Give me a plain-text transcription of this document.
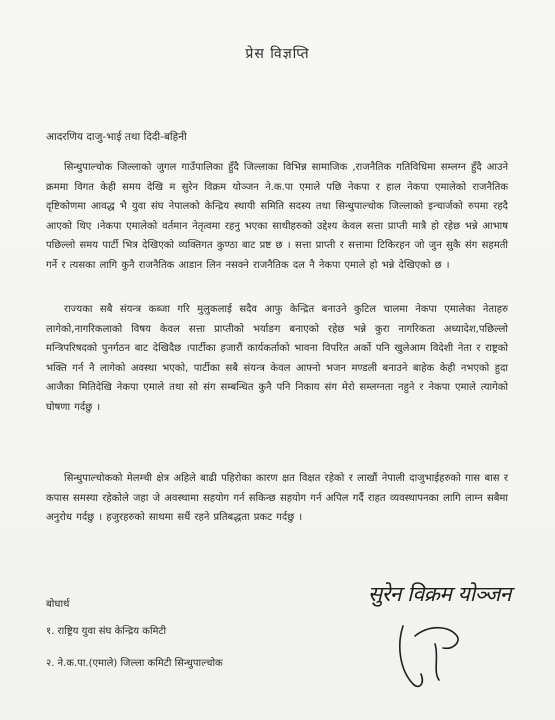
प्रेस विज्ञप्ति
आदरणिय दाजु-भाई तथा दिदी-बहिनी
सिन्धुपाल्चोक जिल्लाको जुगल गाउँपालिका हुँदै जिल्लाका विभिन्न सामाजिक ,राजनैतिक गतिविधिमा सम्लग्न हुँदै आउने क्रममा विगत केही समय देखि म सुरेन विक्रम योञ्जन ने.क.पा एमाले पछि नेकपा र हाल नेकपा एमालेको राजनैतिक दृष्टिकोणमा आवद्ध भै युवा संघ नेपालको केन्द्रिय स्थायी समिति सदस्य तथा सिन्धुपाल्चोक जिल्लाको इन्चार्जको रुपमा रहदै आएको थिए ।नेकपा एमालेको वर्तमान नेतृत्वमा रहनु भएका साथीहरुको उद्देश्य केवल सत्ता प्राप्ती मात्रै हो रहेछ भन्ने आभाष पछिल्लो समय पार्टी भित्र देखिएको व्यक्तिगत कुण्ठा बाट प्रष्ट छ । सत्ता प्राप्ती र सत्तामा टिकिरहन जो जुन सुकै संग सहमती गर्ने र त्यसका लागि कुनै राजनैतिक आडान लिन नसक्ने राजनैतिक दल नै नेकपा एमाले हो भन्ने देखिएको छ ।
राज्यका सबै संयन्त्र कब्जा गरि मुलुकलाई सदैव आफु केन्द्रित बनाउने कुटिल चालमा नेकपा एमालेका नेताहरु लागेको,नागरिकलाको विषय केवल सत्ता प्राप्तीको भर्याङग बनाएको रहेछ भन्ने कुरा नागरिकता अध्यादेश,पछिल्लो मन्त्रिपरिषदको पुनर्गठन बाट देखिदैछ ।पार्टीका हजारौं कार्यकर्ताको भावना विपरित अर्को पनि खुलेआम विदेशी नेता र राष्ट्रको भक्ति गर्न नै लागेको अवस्था भएको, पार्टीका सबै संयन्त्र केवल आफ्नो भजन मण्डली बनाउने बाहेक केही नभएको हुदा आजैका मितिदेखि नेकपा एमाले तथा सो संग सम्बन्धित कुनै पनि निकाय संग मेरो सम्लग्नता नहुने र नेकपा एमाले त्यागेको घोषणा गर्दछु ।
सिन्धुपाल्चोकको मेलम्ची क्षेत्र अहिले बाढी पहिरोका कारण क्षत विक्षत रहेको र लाखौं नेपाली दाजुभाईहरुको गास बास र कपास समस्या रहेकोले जहा जे अवस्थामा सहयोग गर्न सकिन्छ सहयोग गर्न अपिल गर्दै राहत व्यवस्थापनका लागि लाग्न सबैमा अनुरोध गर्दछु । हजुरहरुको साथमा सधैं रहने प्रतिबद्धता प्रकट गर्दछु ।
बोधार्थ
१. राष्ट्रिय युवा संघ केन्द्रिय कमिटी
२. ने.क.पा.(एमाले) जिल्ला कमिटी सिन्धुपाल्चोक
सुरेन विक्रम योञ्जन
